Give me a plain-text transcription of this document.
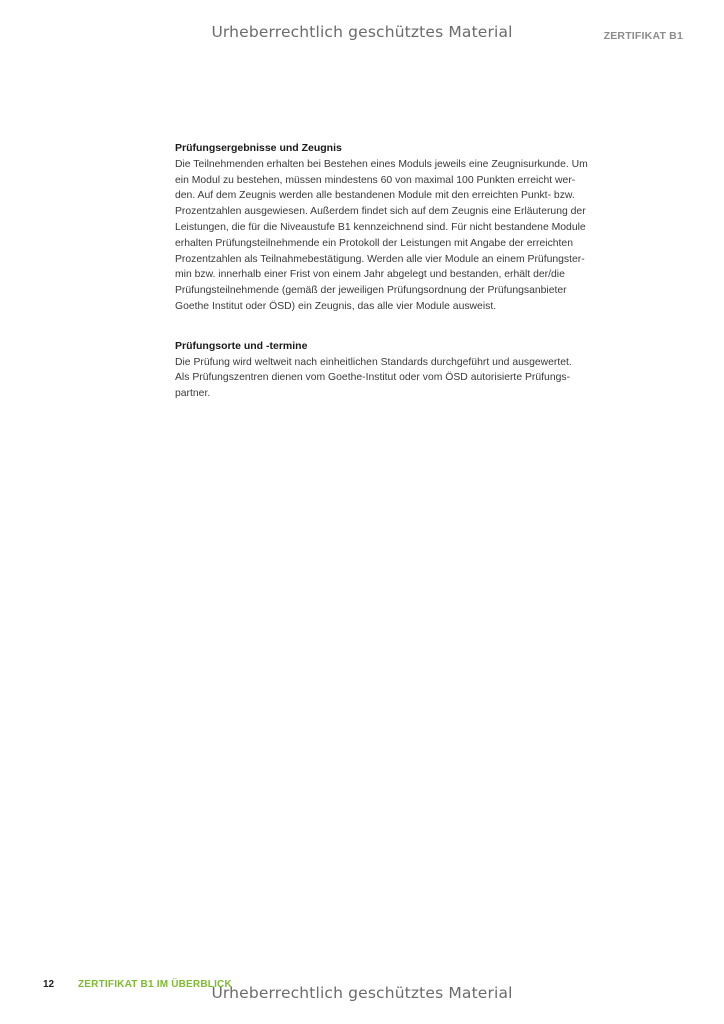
Urheberrechtlich geschütztes Material	ZERTIFIKAT B1

Prüfungsergebnisse und Zeugnis

Die Teilnehmenden erhalten bei Bestehen eines Moduls jeweils eine Zeugnisurkunde. Um
ein Modul zu bestehen, müssen mindestens 60 von maximal 100 Punkten erreicht wer-
den. Auf dem Zeugnis werden alle bestandenen Module mit den erreichten Punkt- bzw.
Prozentzahlen ausgewiesen. Außerdem findet sich auf dem Zeugnis eine Erläuterung der
Leistungen, die für die Niveaustufe B1 kennzeichnend sind. Für nicht bestandene Module
erhalten Prüfungsteilnehmende ein Protokoll der Leistungen mit Angabe der erreichten
Prozentzahlen als Teilnahmebestätigung. Werden alle vier Module an einem Prüfungster-
min bzw. innerhalb einer Frist von einem Jahr abgelegt und bestanden, erhält der/die
Prüfungsteilnehmende (gemäß der jeweiligen Prüfungsordnung der Prüfungsanbieter
Goethe Institut oder ÖSD) ein Zeugnis, das alle vier Module ausweist.

Prüfungsorte und -termine

Die Prüfung wird weltweit nach einheitlichen Standards durchgeführt und ausgewertet.
Als Prüfungszentren dienen vom Goethe-Institut oder vom ÖSD autorisierte Prüfungs-
partner.

12 ZERTIFIKAT B1 IM ÜBERBLICK
Urheberrechtlich geschütztes Material
